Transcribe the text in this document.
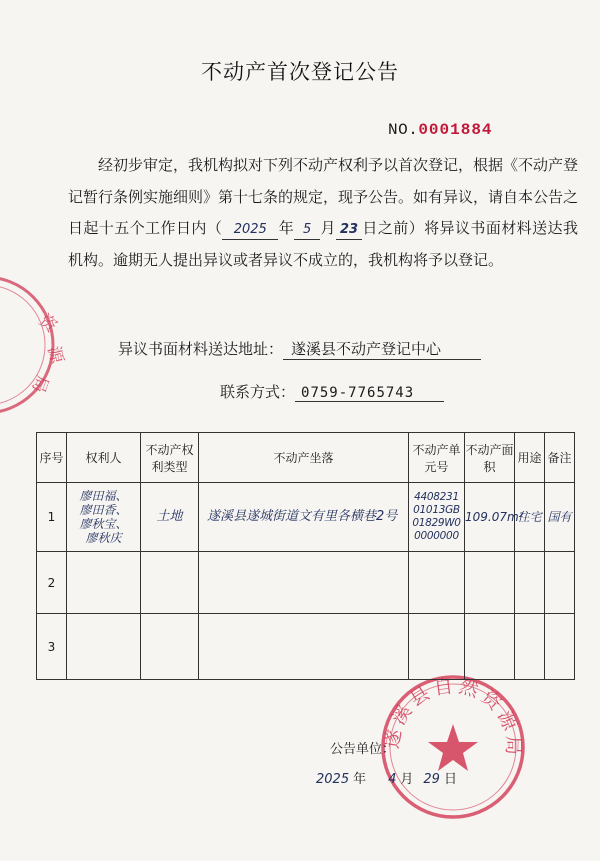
资
源
局
遂溪县自然资源局
不动产首次登记公告
NO.0001884
经初步审定，我机构拟对下列不动产权利予以首次登记，根据《不动产登记暂行条例实施细则》第十七条的规定，现予公告。如有异议，请自本公告之日起十五个工作日内（ 2025 年 5 月 23 日之前）将异议书面材料送达我机构。逾期无人提出异议或者异议不成立的，我机构将予以登记。
异议书面材料送达地址： 遂溪县不动产登记中心
联系方式： 0759-7765743
序号	权利人	不动产权利类型	不动产坐落	不动产单元号	不动产面积	用途	备注
1	廖田福、
廖田香、
廖秋宝、
廖秋庆	土地	遂溪县遂城街道文有里各横巷2号	440823101013GB01829W00000000	109.07m²	住宅	国有
2							
3							
公告单位：
2025 年 4 月 29 日
